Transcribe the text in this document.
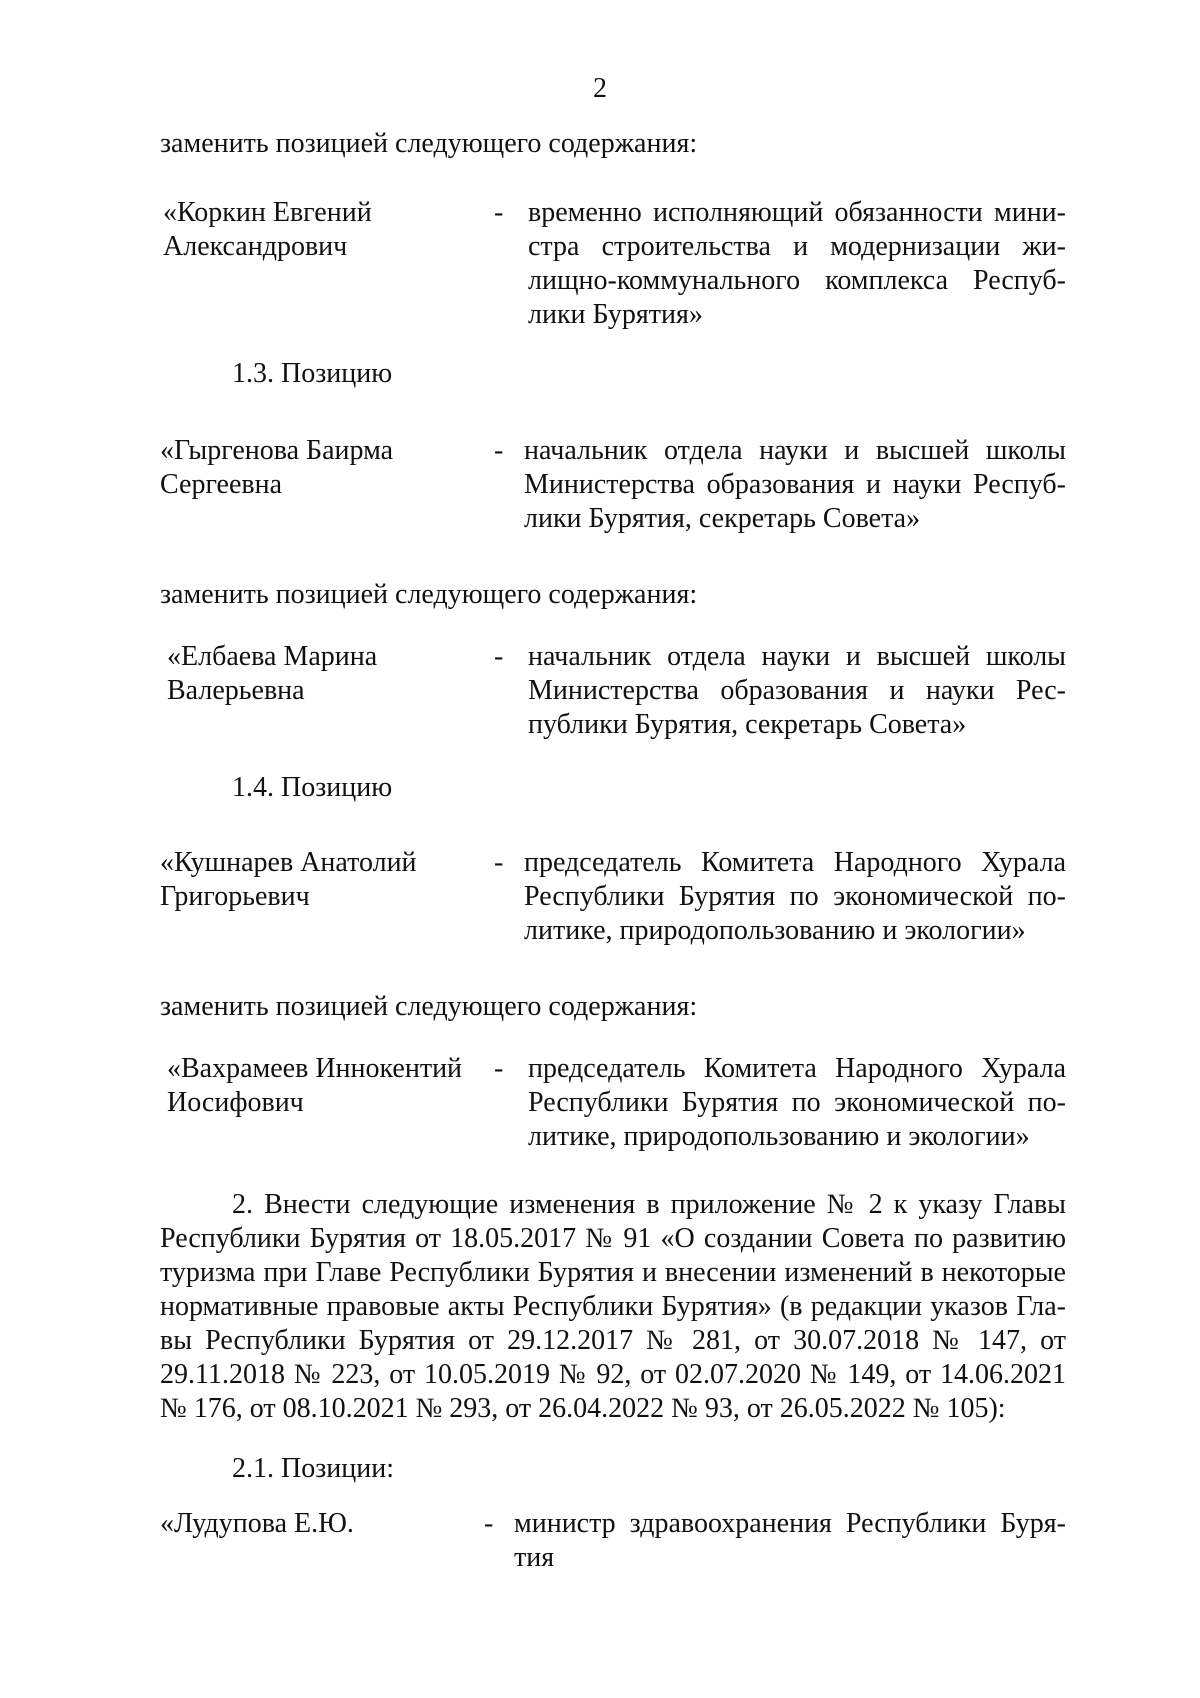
2
заменить позицией следующего содержания:
«Коркин Евгений
Александрович
- временно исполняющий обязанности мини-
стра строительства и модернизации жи-
лищно-коммунального комплекса Респуб-
лики Бурятия»
1.3. Позицию
«Гыргенова Баирма
Сергеевна
- начальник отдела науки и высшей школы
Министерства образования и науки Респуб-
лики Бурятия, секретарь Совета»
заменить позицией следующего содержания:
«Елбаева Марина
Валерьевна
- начальник отдела науки и высшей школы
Министерства образования и науки Рес-
публики Бурятия, секретарь Совета»
1.4. Позицию
«Кушнарев Анатолий
Григорьевич
- председатель Комитета Народного Хурала
Республики Бурятия по экономической по-
литике, природопользованию и экологии»
заменить позицией следующего содержания:
«Вахрамеев Иннокентий
Иосифович
- председатель Комитета Народного Хурала
Республики Бурятия по экономической по-
литике, природопользованию и экологии»
2. Внести следующие изменения в приложение № 2 к указу Главы
Республики Бурятия от 18.05.2017 № 91 «О создании Совета по развитию
туризма при Главе Республики Бурятия и внесении изменений в некоторые
нормативные правовые акты Республики Бурятия» (в редакции указов Гла-
вы Республики Бурятия от 29.12.2017 № 281, от 30.07.2018 № 147, от
29.11.2018 № 223, от 10.05.2019 № 92, от 02.07.2020 № 149, от 14.06.2021
№ 176, от 08.10.2021 № 293, от 26.04.2022 № 93, от 26.05.2022 № 105):
2.1. Позиции:
«Лудупова Е.Ю.	- министр здравоохранения Республики Буря-
тия
